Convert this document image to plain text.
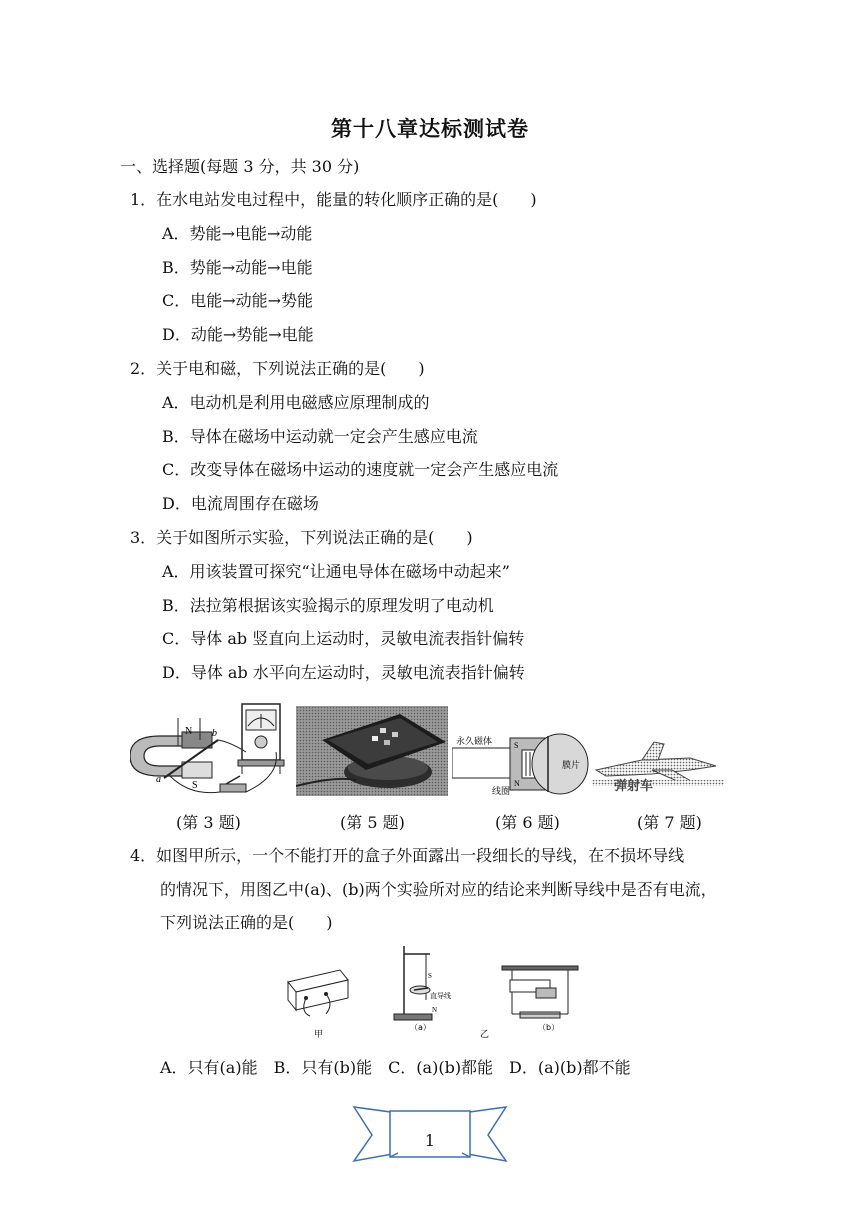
第十八章达标测试卷
一、选择题(每题 3 分，共 30 分)
1．在水电站发电过程中，能量的转化顺序正确的是(　　)
A．势能→电能→动能
B．势能→动能→电能
C．电能→动能→势能
D．动能→势能→电能
2．关于电和磁，下列说法正确的是(　　)
A．电动机是利用电磁感应原理制成的
B．导体在磁场中运动就一定会产生感应电流
C．改变导体在磁场中运动的速度就一定会产生感应电流
D．电流周围存在磁场
3．关于如图所示实验，下列说法正确的是(　　)
A．用该装置可探究“让通电导体在磁场中动起来”
B．法拉第根据该实验揭示的原理发明了电动机
C．导体 ab 竖直向上运动时，灵敏电流表指针偏转
D．导体 ab 水平向左运动时，灵敏电流表指针偏转
N
S
a
b
永久磁体
膜片
线圈
S
N	弹射车
(第 3 题)	(第 5 题)	(第 6 题)	(第 7 题)
4．如图甲所示，一个不能打开的盒子外面露出一段细长的导线，在不损坏导线
的情况下，用图乙中(a)、(b)两个实验所对应的结论来判断导线中是否有电流，
下列说法正确的是(　　)
甲
直导线
S
N
（a）
乙
（b）
A．只有(a)能　B．只有(b)能　C．(a)(b)都能　D．(a)(b)都不能
1
